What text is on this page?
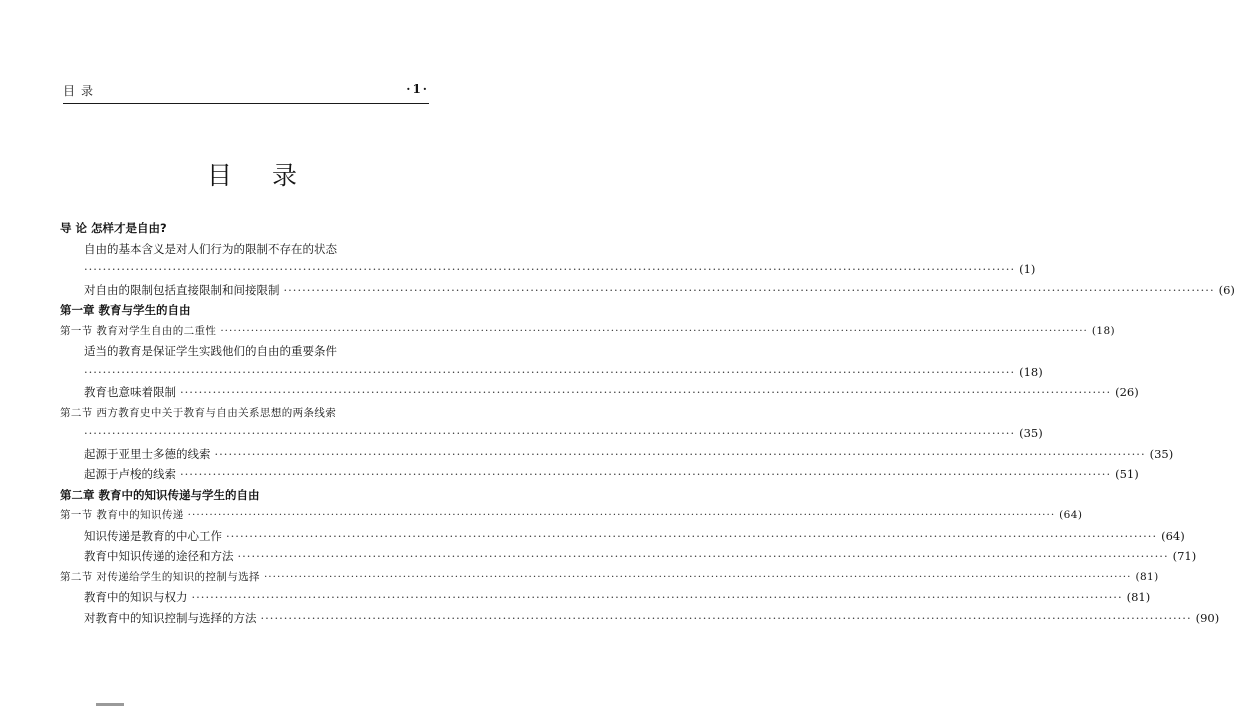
目录	·1·
目 录
导 论 怎样才是自由?
自由的基本含义是对人们行为的限制不存在的状态
········································································································································································································ (1)
对自由的限制包括直接限制和间接限制 ········································································································································································································ (6)
第一章 教育与学生的自由
第一节 教育对学生自由的二重性 ········································································································································································································ (18)
适当的教育是保证学生实践他们的自由的重要条件
········································································································································································································ (18)
教育也意味着限制 ········································································································································································································ (26)
第二节 西方教育史中关于教育与自由关系思想的两条线索
········································································································································································································ (35)
起源于亚里士多德的线索 ········································································································································································································ (35)
起源于卢梭的线索 ········································································································································································································ (51)
第二章 教育中的知识传递与学生的自由
第一节 教育中的知识传递 ········································································································································································································ (64)
知识传递是教育的中心工作 ········································································································································································································ (64)
教育中知识传递的途径和方法 ········································································································································································································ (71)
第二节 对传递给学生的知识的控制与选择 ········································································································································································································ (81)
教育中的知识与权力 ········································································································································································································ (81)
对教育中的知识控制与选择的方法 ········································································································································································································ (90)
